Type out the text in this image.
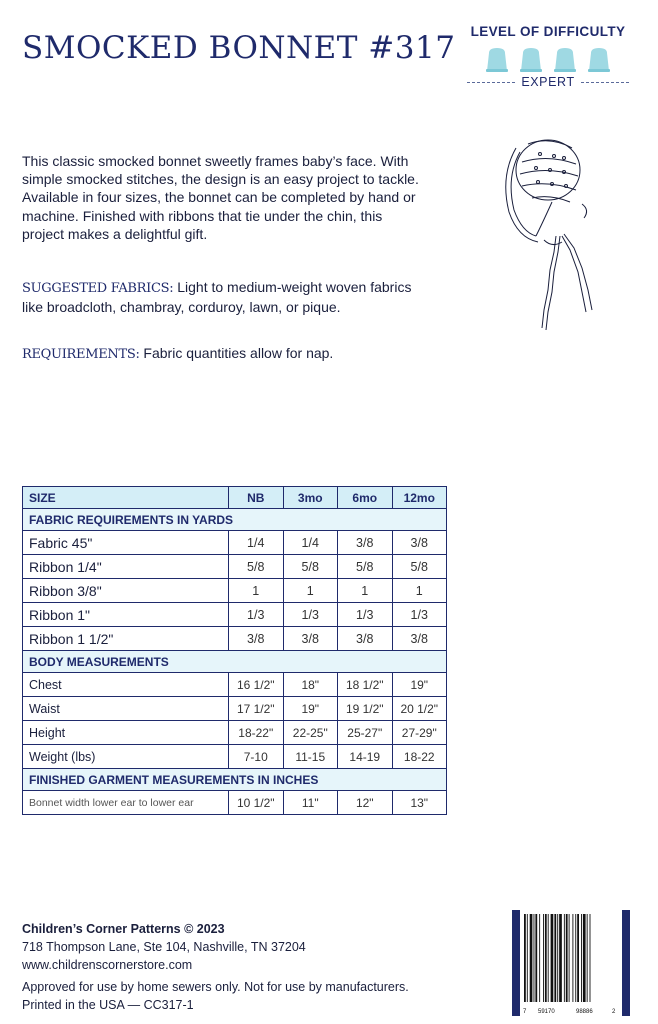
SMOCKED BONNET #317 LEVEL OF DIFFICULTY
EXPERT
This classic smocked bonnet sweetly frames baby’s face. With simple smocked stitches, the design is an easy project to tackle. Available in four sizes, the bonnet can be completed by hand or machine. Finished with ribbons that tie under the chin, this project makes a delightful gift.
SUGGESTED FABRICS: Light to medium-weight woven fabrics like broadcloth, chambray, corduroy, lawn, or pique.
REQUIREMENTS: Fabric quantities allow for nap.
SIZE	NB	3mo	6mo	12mo
FABRIC REQUIREMENTS IN YARDS				
Fabric 45"	1/4	1/4	3/8	3/8
Ribbon 1/4"	5/8	5/8	5/8	5/8
Ribbon 3/8"	1	1	1	1
Ribbon 1"	1/3	1/3	1/3	1/3
Ribbon 1 1/2"	3/8	3/8	3/8	3/8
BODY MEASUREMENTS				
Chest	16 1/2"	18"	18 1/2"	19"
Waist	17 1/2"	19"	19 1/2"	20 1/2"
Height	18-22"	22-25"	25-27"	27-29"
Weight (lbs)	7-10	11-15	14-19	18-22
FINISHED GARMENT MEASUREMENTS IN INCHES				
Bonnet width lower ear to lower ear	10 1/2"	11"	12"	13"
Children’s Corner Patterns © 2023
718 Thompson Lane, Ste 104, Nashville, TN 37204
www.childrenscornerstore.com
Approved for use by home sewers only. Not for use by manufacturers.
Printed in the USA — CC317-1	7 59170	98886	2
